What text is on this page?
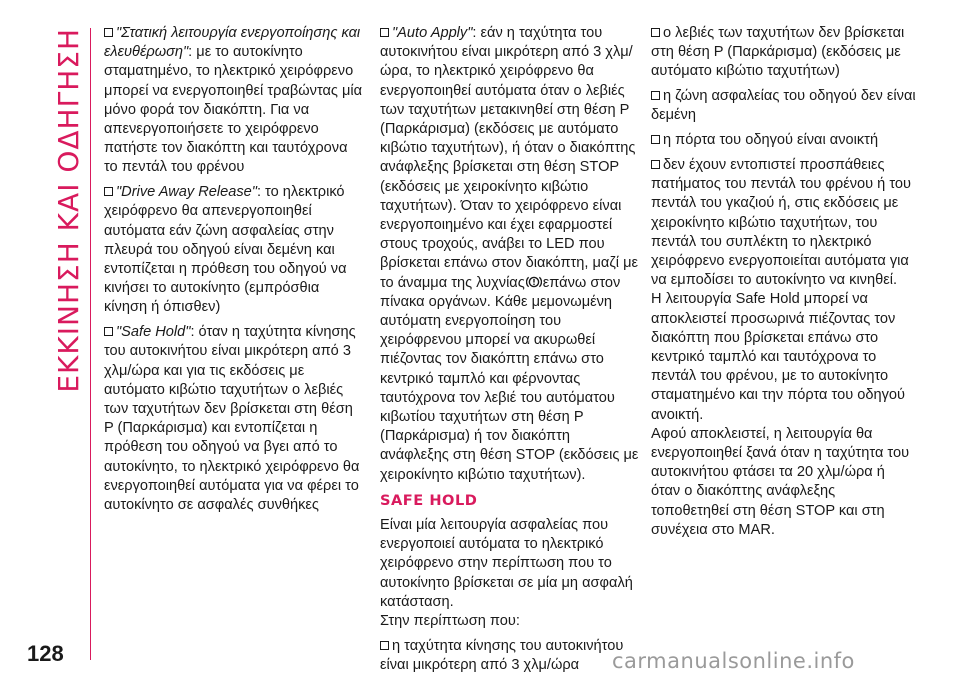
ΕΚΚΙΝΗΣΗ ΚΑΙ ΟΔΗΓΗΣΗ	"Στατική λειτουργία ενεργοποίησης και ελευθέρωση": με το αυτοκίνητο σταματημένο, το ηλεκτρικό χειρόφρενο μπορεί να ενεργοποιηθεί τραβώντας μία μόνο φορά τον διακόπτη. Για να απενεργοποιήσετε το χειρόφρενο πατήστε τον διακόπτη και ταυτόχρονα το πεντάλ του φρένου

"Drive Away Release": το ηλεκτρικό χειρόφρενο θα απενεργοποιηθεί αυτόματα εάν ζώνη ασφαλείας στην πλευρά του οδηγού είναι δεμένη και εντοπίζεται η πρόθεση του οδηγού να κινήσει το αυτοκίνητο (εμπρόσθια κίνηση ή όπισθεν)

"Safe Hold": όταν η ταχύτητα κίνησης του αυτοκινήτου είναι μικρότερη από 3 χλμ/ώρα και για τις εκδόσεις με αυτόματο κιβώτιο ταχυτήτων ο λεβιές των ταχυτήτων δεν βρίσκεται στη θέση P (Παρκάρισμα) και εντοπίζεται η πρόθεση του οδηγού να βγει από το αυτοκίνητο, το ηλεκτρικό χειρόφρενο θα ενεργοποιηθεί αυτόματα για να φέρει το αυτοκίνητο σε ασφαλές συνθήκες

"Auto Apply": εάν η ταχύτητα του αυτοκινήτου είναι μικρότερη από 3 χλμ/ώρα, το ηλεκτρικό χειρόφρενο θα ενεργοποιηθεί αυτόματα όταν ο λεβιές των ταχυτήτων μετακινηθεί στη θέση P (Παρκάρισμα) (εκδόσεις με αυτόματο κιβώτιο ταχυτήτων), ή όταν ο διακόπτης ανάφλεξης βρίσκεται στη θέση STOP (εκδόσεις με χειροκίνητο κιβώτιο ταχυτήτων). Όταν το χειρόφρενο είναι ενεργοποιημένο και έχει εφαρμοστεί στους τροχούς, ανάβει το LED που βρίσκεται επάνω στον διακόπτη, μαζί με το άναμμα της λυχνίας επάνω στον πίνακα οργάνων. Κάθε μεμονωμένη αυτόματη ενεργοποίηση του χειρόφρενου μπορεί να ακυρωθεί πιέζοντας τον διακόπτη επάνω στο κεντρικό ταμπλό και φέρνοντας ταυτόχρονα τον λεβιέ του αυτόματου κιβωτίου ταχυτήτων στη θέση P (Παρκάρισμα) ή τον διακόπτη ανάφλεξης στη θέση STOP (εκδόσεις με χειροκίνητο κιβώτιο ταχυτήτων).

SAFE HOLD

Είναι μία λειτουργία ασφαλείας που ενεργοποιεί αυτόματα το ηλεκτρικό χειρόφρενο στην περίπτωση που το αυτοκίνητο βρίσκεται σε μία μη ασφαλή κατάσταση.

Στην περίπτωση που:

η ταχύτητα κίνησης του αυτοκινήτου είναι μικρότερη από 3 χλμ/ώρα

ο λεβιές των ταχυτήτων δεν βρίσκεται στη θέση P (Παρκάρισμα) (εκδόσεις με αυτόματο κιβώτιο ταχυτήτων)

η ζώνη ασφαλείας του οδηγού δεν είναι δεμένη

η πόρτα του οδηγού είναι ανοικτή

δεν έχουν εντοπιστεί προσπάθειες πατήματος του πεντάλ του φρένου ή του πεντάλ του γκαζιού ή, στις εκδόσεις με χειροκίνητο κιβώτιο ταχυτήτων, του πεντάλ του συπλέκτη το ηλεκτρικό χειρόφρενο ενεργοποιείται αυτόματα για να εμποδίσει το αυτοκίνητο να κινηθεί.

Η λειτουργία Safe Hold μπορεί να αποκλειστεί προσωρινά πιέζοντας τον διακόπτη που βρίσκεται επάνω στο κεντρικό ταμπλό και ταυτόχρονα το πεντάλ του φρένου, με το αυτοκίνητο σταματημένο και την πόρτα του οδηγού ανοικτή.

Αφού αποκλειστεί, η λειτουργία θα ενεργοποιηθεί ξανά όταν η ταχύτητα του αυτοκινήτου φτάσει τα 20 χλμ/ώρα ή όταν ο διακόπτης ανάφλεξης τοποθετηθεί στη θέση STOP και στη συνέχεια στο MAR.

128	carmanualsonline.info
